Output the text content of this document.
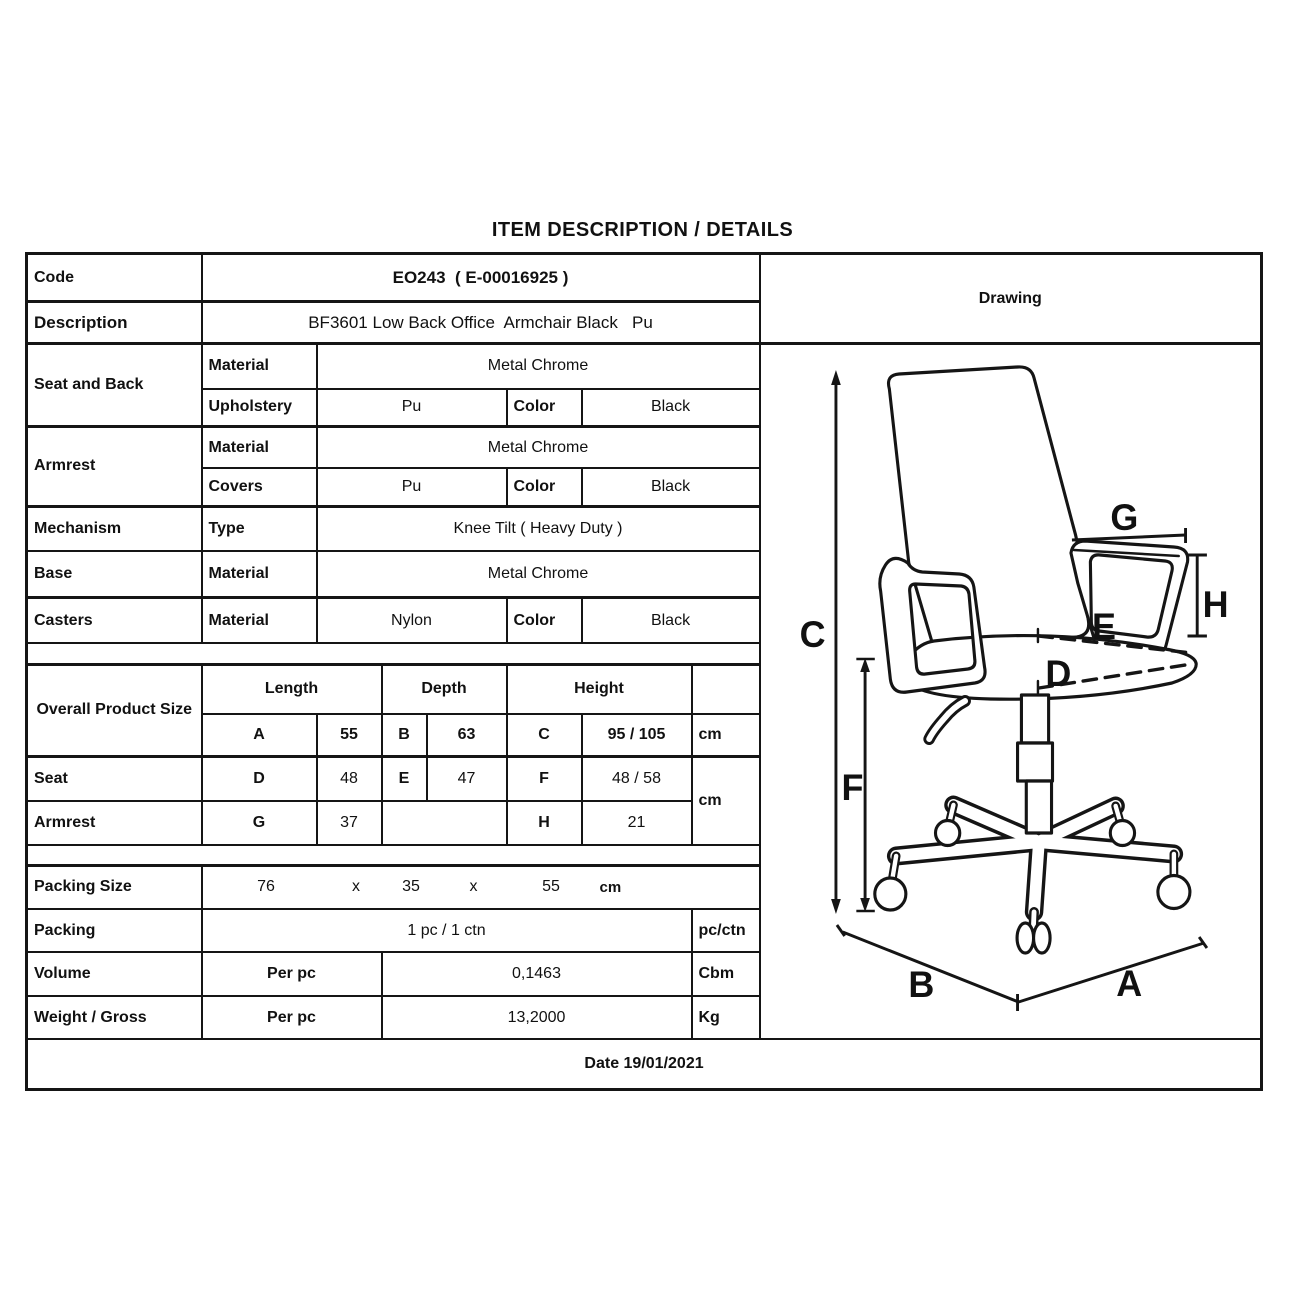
ITEM DESCRIPTION / DETAILS
Code	EO243  ( E-00016925 )							Drawing
Description	BF3601 Low Back Office  Armchair Black   Pu							
Seat and Back	Material	Metal Chrome	
C
F
G
H
E
D
B	A

	Upholstery	Pu			Color	Black		
Armrest	Material	Metal Chrome						
	Covers	Pu			Color	Black		
Mechanism	Type	Knee Tilt ( Heavy Duty )						
Base	Material	Metal Chrome						
Casters	Material	Nylon			Color	Black		

Overall Product Size	Length		Depth		Height			
	A	55	B	63	C	95 / 105	cm	
Seat	D	48	E	47	F	48 / 58	cm	
Armrest	G	37			H	21		

Packing Size	76	x	35	x	55	cm

Packing	1 pc / 1 ctn						pc/ctn	
Volume	Per pc		0,1463				Cbm	
Weight / Gross	Per pc		13,2000				Kg	
Date 19/01/2021								
